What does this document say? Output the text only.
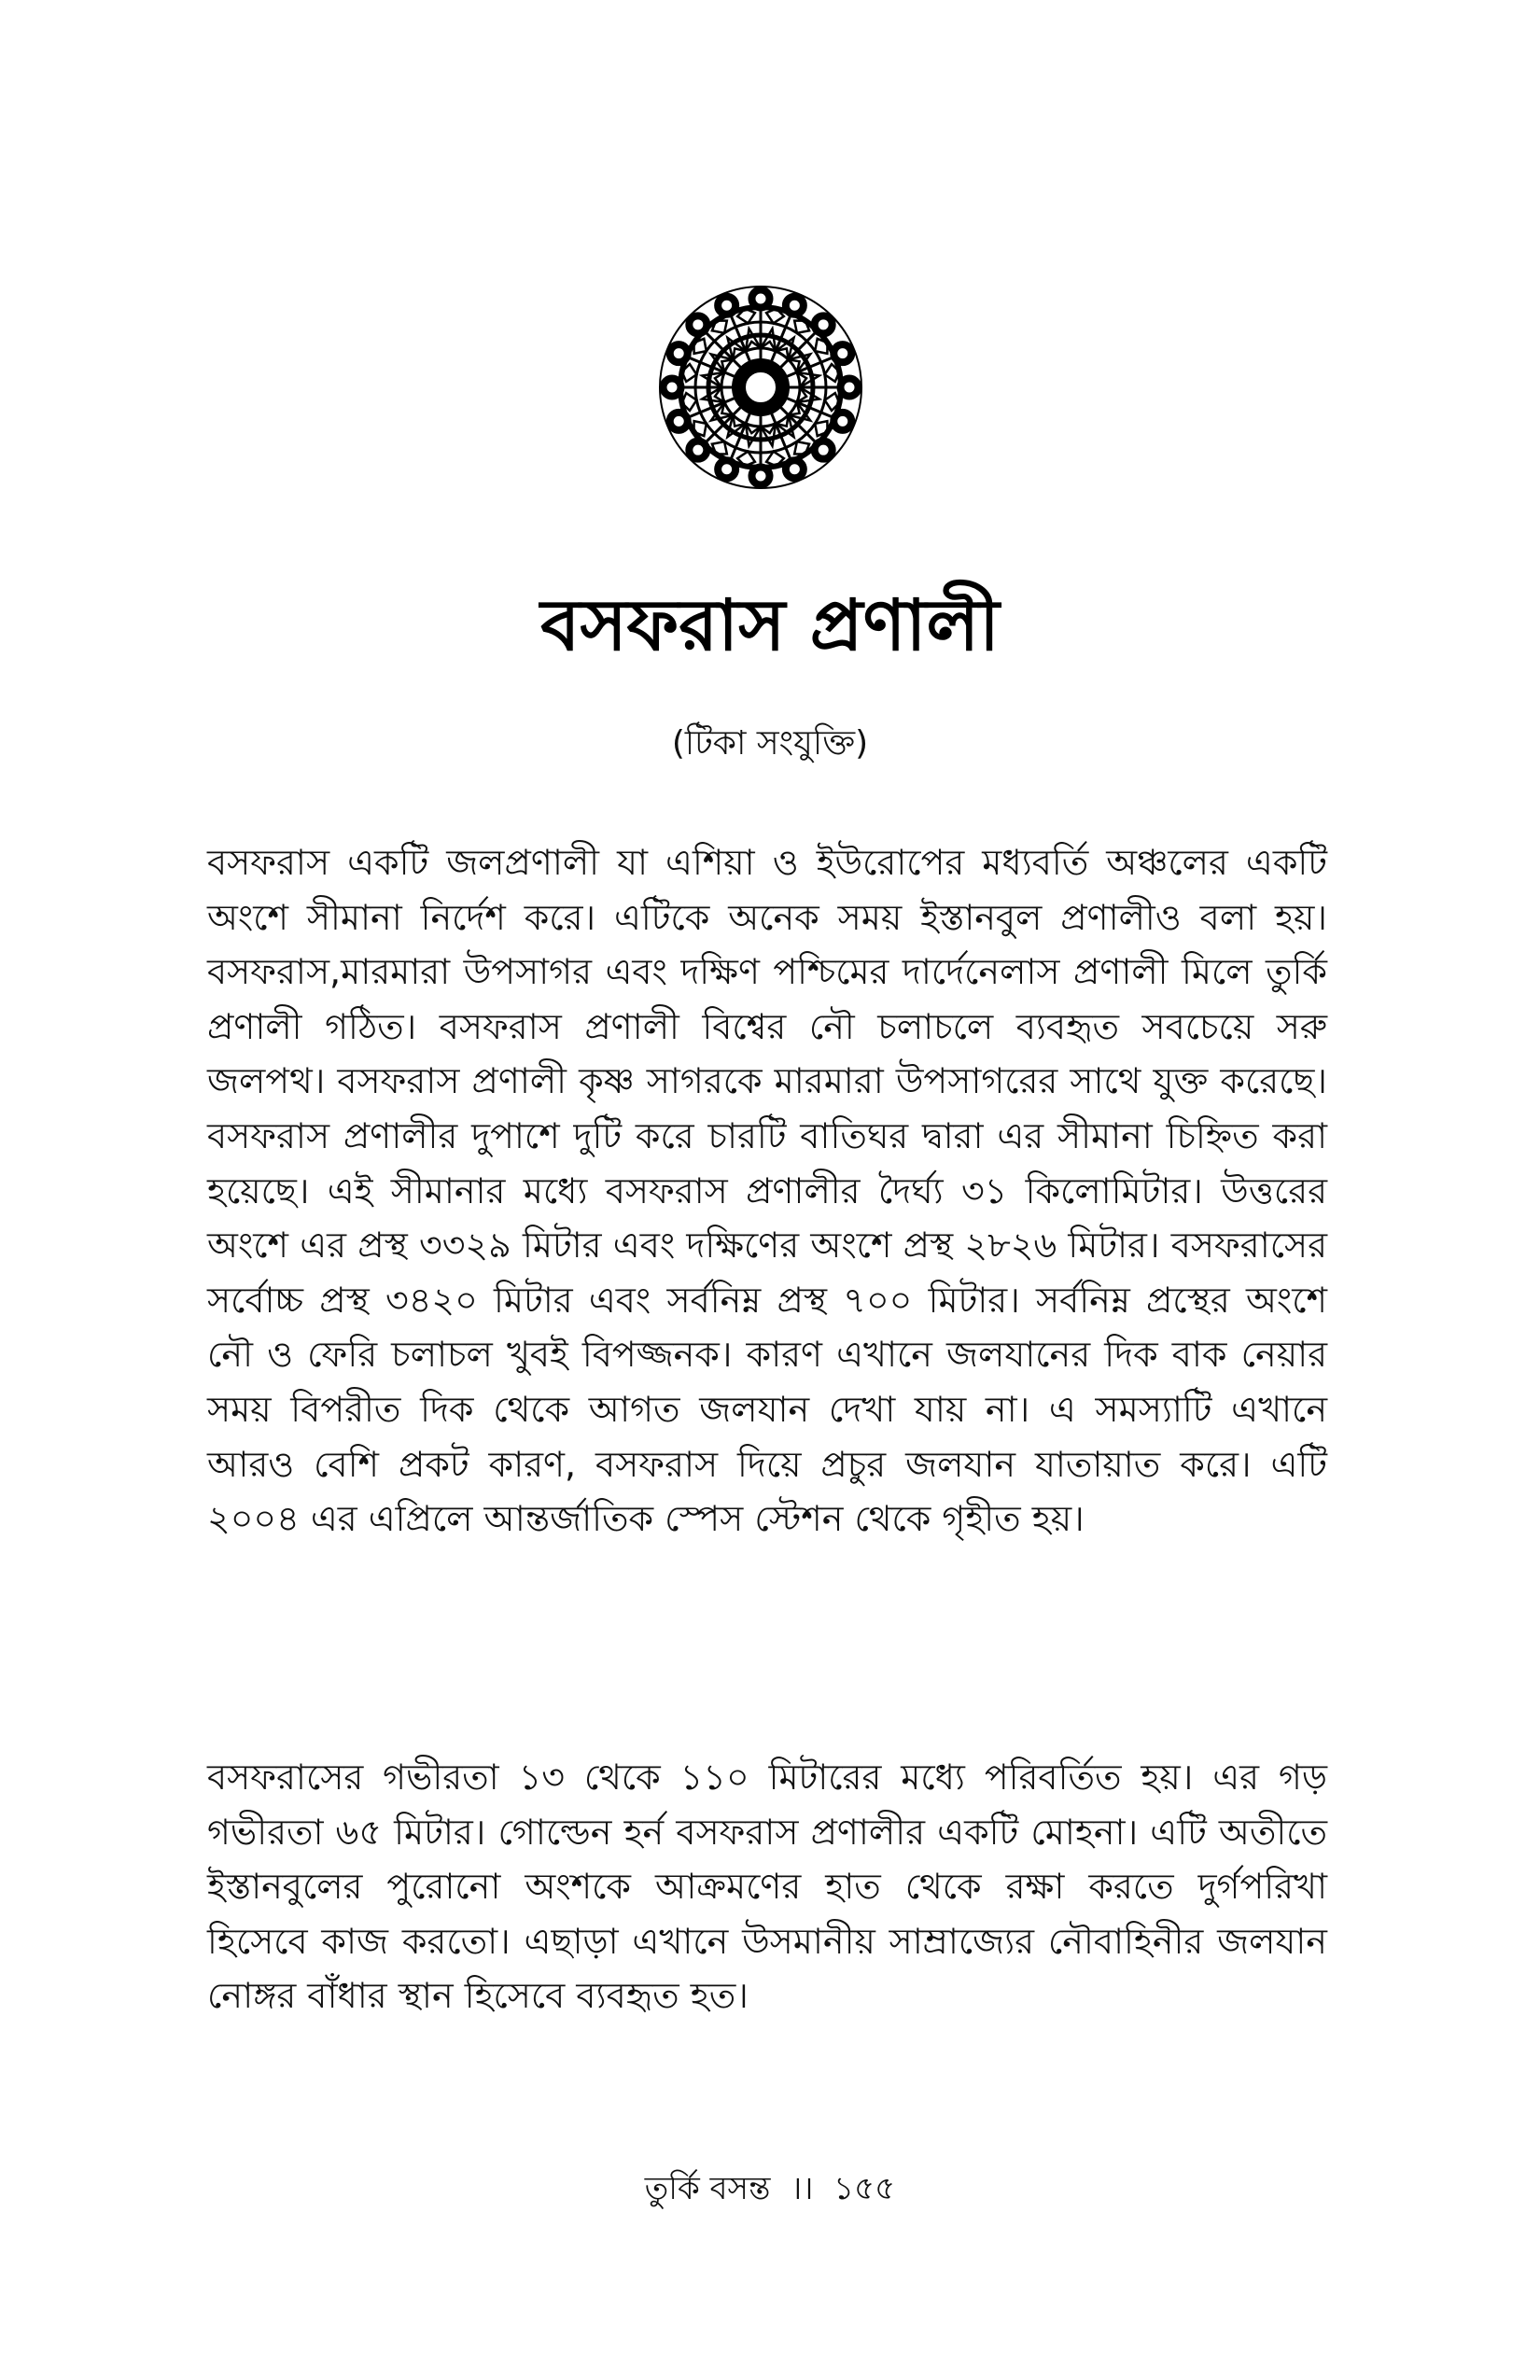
বসফরাস প্রণালী
(টিকা সংযুক্তি)

বসফরাস একটি জলপ্রণালী যা এশিয়া ও ইউরোপের মধ্যবর্তি অঞ্চলের একটি অংশে সীমানা নির্দেশ করে। এটিকে অনেক সময় ইস্তানবুল প্রণালীও বলা হয়। বসফরাস,মারমারা উপসাগর এবং দক্ষিণ পশ্চিমের দার্দেনেলাস প্রণালী মিলে তুর্কি প্রণালী গঠিত। বসফরাস প্রণালী বিশ্বের নৌ চলাচলে ব্যবহৃত সবচেয়ে সরু জলপথ। বসফরাস প্রণালী কৃষ্ণ সাগরকে মারমারা উপসাগরের সাথে যুক্ত করেছে। বসফরাস প্রণালীর দুপাশে দুটি করে চারটি বাতিঘর দ্বারা এর সীমানা চিহ্নিত করা হয়েছে। এই সীমানার মধ্যে বসফরাস প্রণালীর দৈর্ঘ্য ৩১ কিলোমিটার। উত্তরের অংশে এর প্রস্থ ৩৩২৯ মিটার এবং দক্ষিণের অংশে প্রস্থ ২৮২৬ মিটার। বসফরাসের সর্বোচ্চ প্রস্থ ৩৪২০ মিটার এবং সর্বনিম্ন প্রস্থ ৭০০ মিটার। সর্বনিম্ন প্রস্থের অংশে নৌ ও ফেরি চলাচল খুবই বিপজ্জনক। কারণ এখানে জলযানের দিক বাক নেয়ার সময় বিপরীত দিক থেকে আগত জলযান দেখা যায় না। এ সমস্যাটি এখানে আরও বেশি প্রকট কারণ, বসফরাস দিয়ে প্রচুর জলযান যাতায়াত করে। এটি ২০০৪ এর এপ্রিলে আন্তর্জাতিক স্পেস স্টেশন থেকে গৃহীত হয়।

বসফরাসের গভীরতা ১৩ থেকে ১১০ মিটারের মধ্যে পরিবর্তিত হয়। এর গড় গভীরতা ৬৫ মিটার। গোল্ডেন হর্ন বসফরাস প্রণালীর একটি মোহনা। এটি অতীতে ইস্তানবুলের পুরোনো অংশকে আক্রমণের হাত থেকে রক্ষা করতে দুর্গপরিখা হিসেবে কাজ করতো। এছাড়া এখানে উসমানীয় সাম্রাজ্যের নৌবাহিনীর জলযান নোঙ্গর বাঁধার স্থান হিসেবে ব্যবহৃত হত।

তুর্কি বসন্ত ।। ১৫৫
